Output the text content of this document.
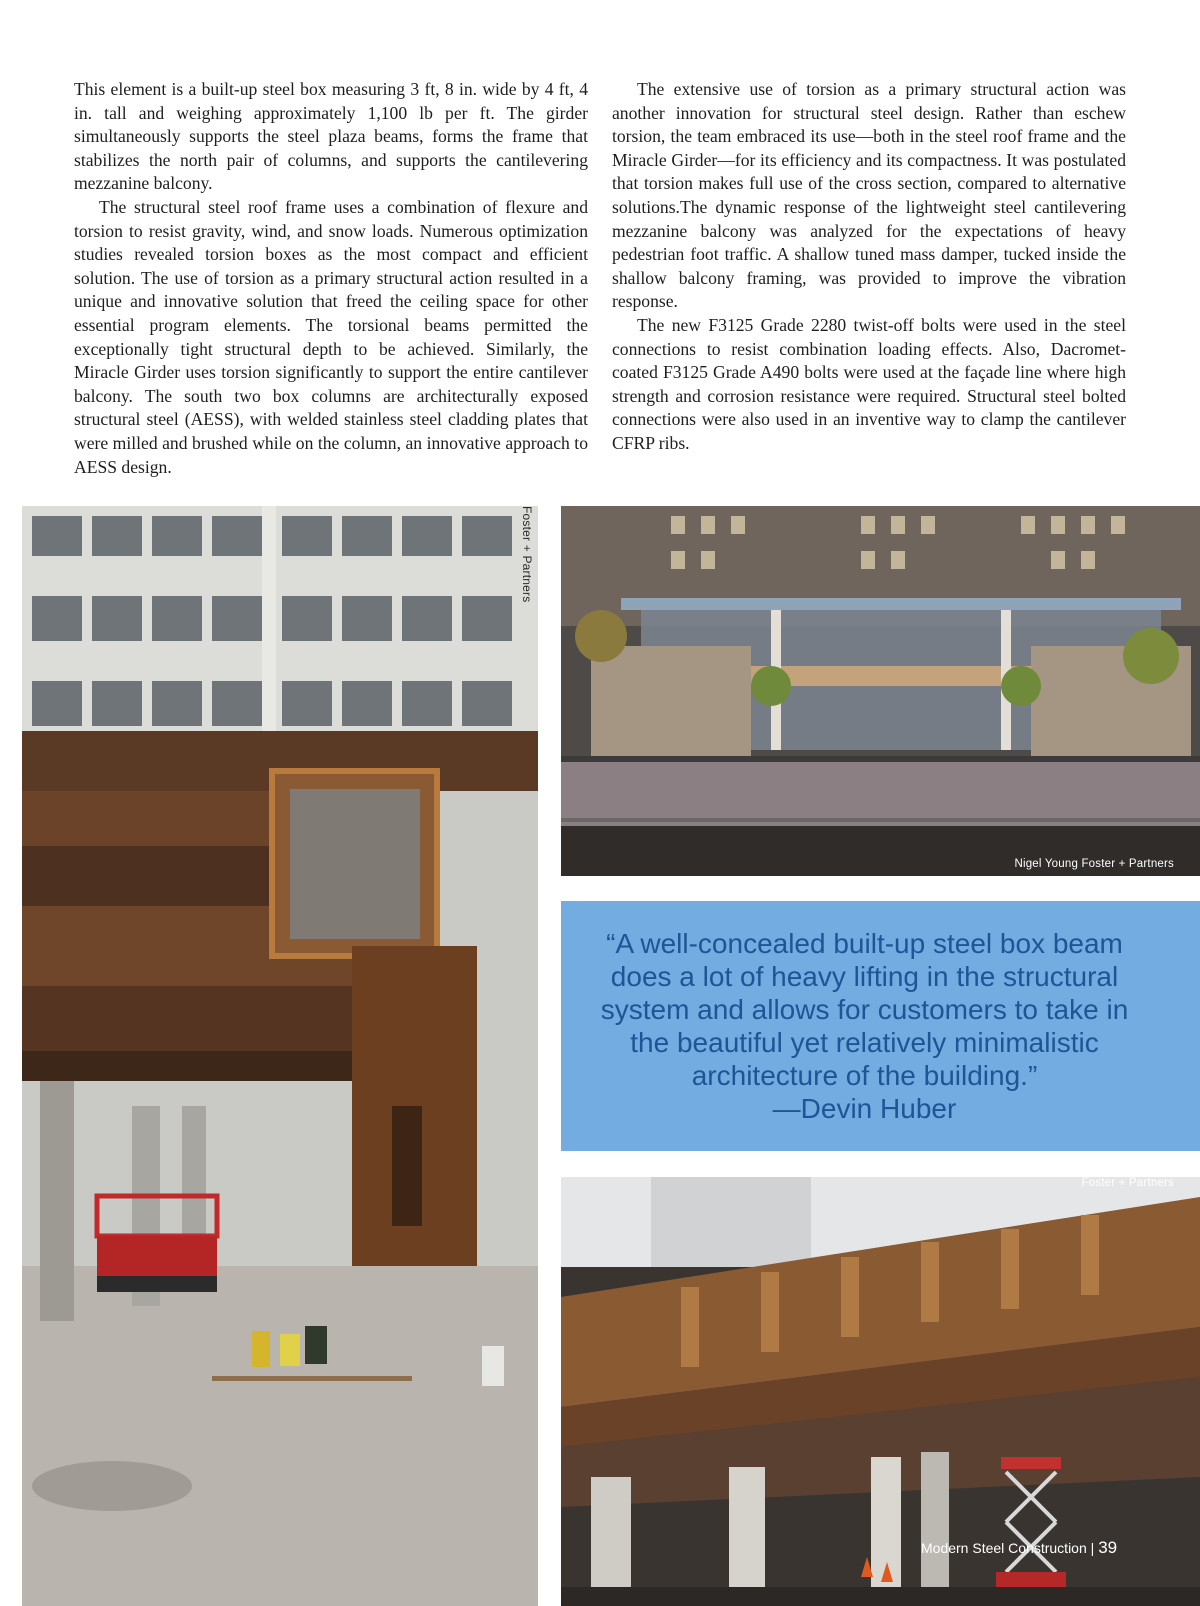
This element is a built-up steel box measuring 3 ft, 8 in. wide by 4 ft, 4 in. tall and weighing approximately 1,100 lb per ft. The girder simultaneously supports the steel plaza beams, forms the frame that stabilizes the north pair of columns, and supports the cantilevering mezzanine balcony.

The structural steel roof frame uses a combination of flexure and torsion to resist gravity, wind, and snow loads. Numerous optimization studies revealed torsion boxes as the most compact and efficient solution. The use of torsion as a primary structural action resulted in a unique and innovative solution that freed the ceiling space for other essential program elements. The torsional beams permitted the exceptionally tight structural depth to be achieved. Similarly, the Miracle Girder uses torsion significantly to support the entire cantilever balcony. The south two box columns are architecturally exposed structural steel (AESS), with welded stainless steel cladding plates that were milled and brushed while on the column, an innovative approach to AESS design.

The extensive use of torsion as a primary structural action was another innovation for structural steel design. Rather than eschew torsion, the team embraced its use—both in the steel roof frame and the Miracle Girder—for its efficiency and its compactness. It was postulated that torsion makes full use of the cross section, compared to alternative solutions.The dynamic response of the lightweight steel cantilevering mezzanine balcony was analyzed for the expectations of heavy pedestrian foot traffic. A shallow tuned mass damper, tucked inside the shallow balcony framing, was provided to improve the vibration response.

The new F3125 Grade 2280 twist-off bolts were used in the steel connections to resist combination loading effects. Also, Dacromet-coated F3125 Grade A490 bolts were used at the façade line where high strength and corrosion resistance were required. Structural steel bolted connections were also used in an inventive way to clamp the cantilever CFRP ribs.

Foster + Partners
Nigel Young Foster + Partners
“A well-concealed built-up steel box beam does a lot of heavy lifting in the structural system and allows for customers to take in the beautiful yet relatively minimalistic architecture of the building.”
—Devin Huber
Foster + Partners
Modern Steel Construction | 39
